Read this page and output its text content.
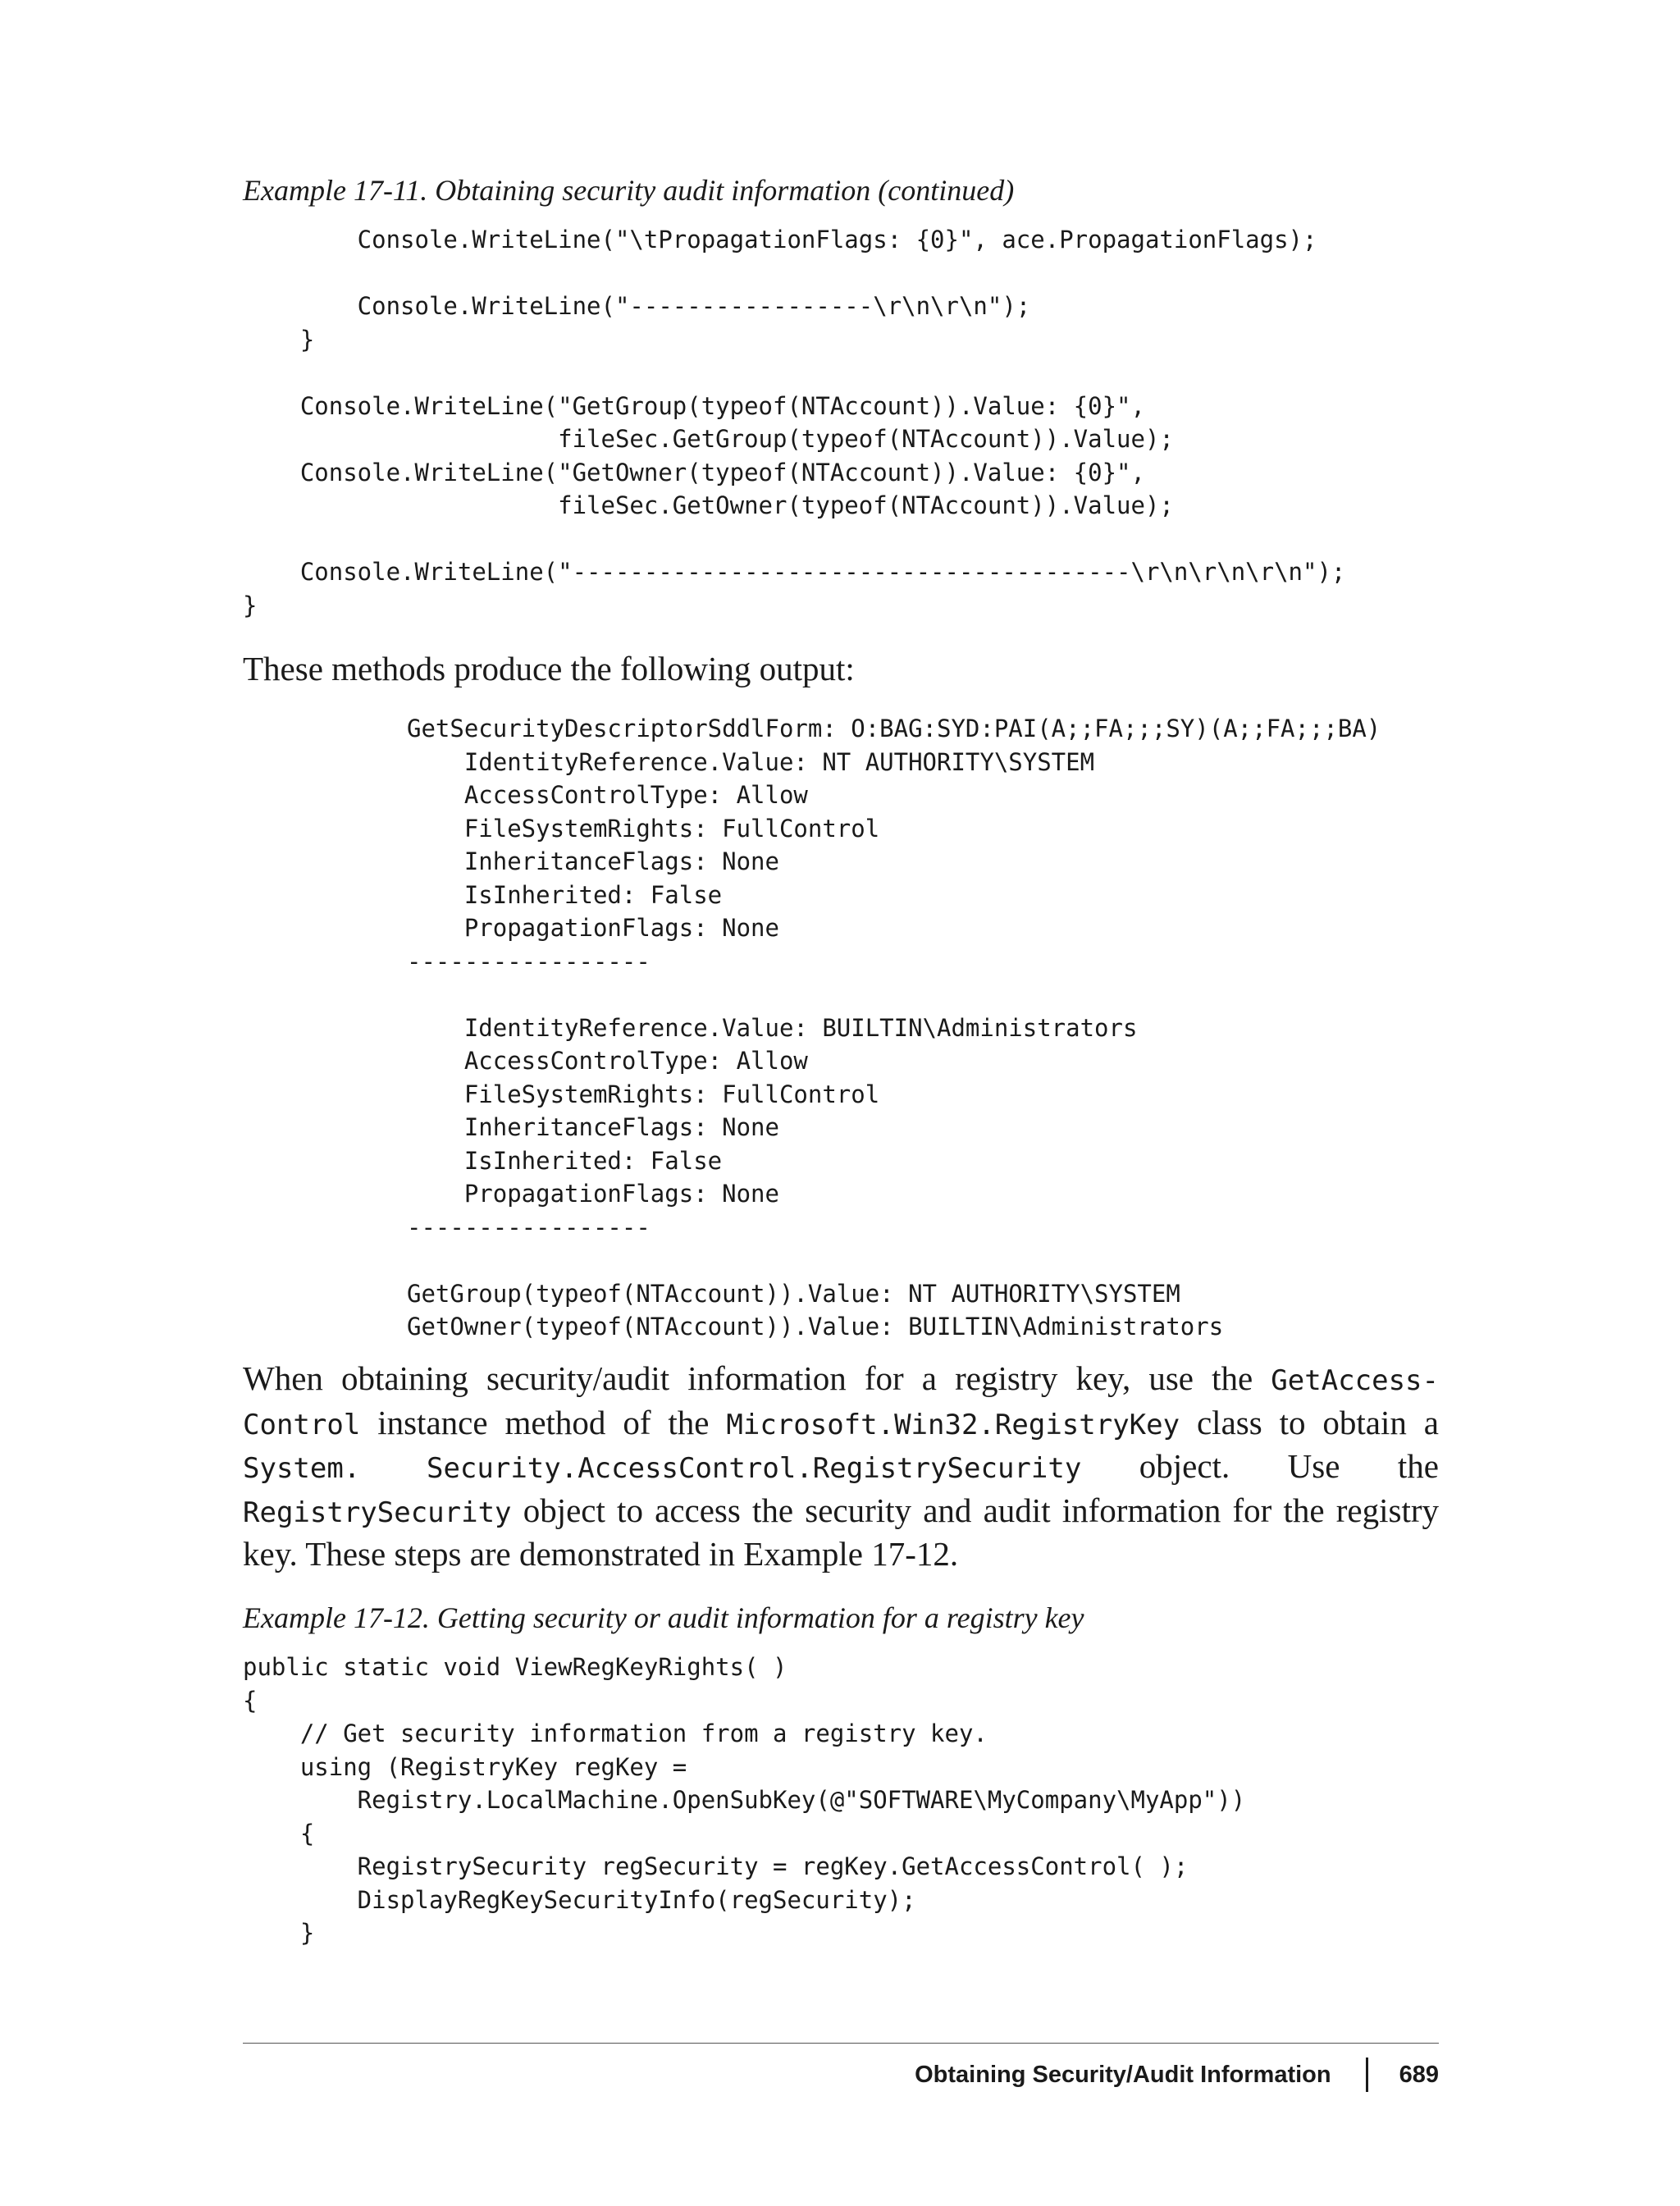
Example 17-11. Obtaining security audit information (continued)

Console.WriteLine("\tPropagationFlags: {0}", ace.PropagationFlags);

Console.WriteLine("-----------------\r\n\r\n");
}

Console.WriteLine("GetGroup(typeof(NTAccount)).Value: {0}",
fileSec.GetGroup(typeof(NTAccount)).Value);
Console.WriteLine("GetOwner(typeof(NTAccount)).Value: {0}",
fileSec.GetOwner(typeof(NTAccount)).Value);

Console.WriteLine("---------------------------------------\r\n\r\n\r\n");
}

These methods produce the following output:

GetSecurityDescriptorSddlForm: O:BAG:SYD:PAI(A;;FA;;;SY)(A;;FA;;;BA)
IdentityReference.Value: NT AUTHORITY\SYSTEM
AccessControlType: Allow
FileSystemRights: FullControl
InheritanceFlags: None
IsInherited: False
PropagationFlags: None
-----------------

IdentityReference.Value: BUILTIN\Administrators
AccessControlType: Allow
FileSystemRights: FullControl
InheritanceFlags: None
IsInherited: False
PropagationFlags: None
-----------------

GetGroup(typeof(NTAccount)).Value: NT AUTHORITY\SYSTEM
GetOwner(typeof(NTAccount)).Value: BUILTIN\Administrators

When obtaining security/audit information for a registry key, use the GetAccess-Control instance method of the Microsoft.Win32.RegistryKey class to obtain a System. Security.AccessControl.RegistrySecurity object. Use the RegistrySecurity object to access the security and audit information for the registry key. These steps are demonstrated in Example 17-12.

Example 17-12. Getting security or audit information for a registry key

public static void ViewRegKeyRights( )
{
// Get security information from a registry key.
using (RegistryKey regKey =
Registry.LocalMachine.OpenSubKey(@"SOFTWARE\MyCompany\MyApp"))
{
RegistrySecurity regSecurity = regKey.GetAccessControl( );
DisplayRegKeySecurityInfo(regSecurity);
}
Obtaining Security/Audit Information	689
